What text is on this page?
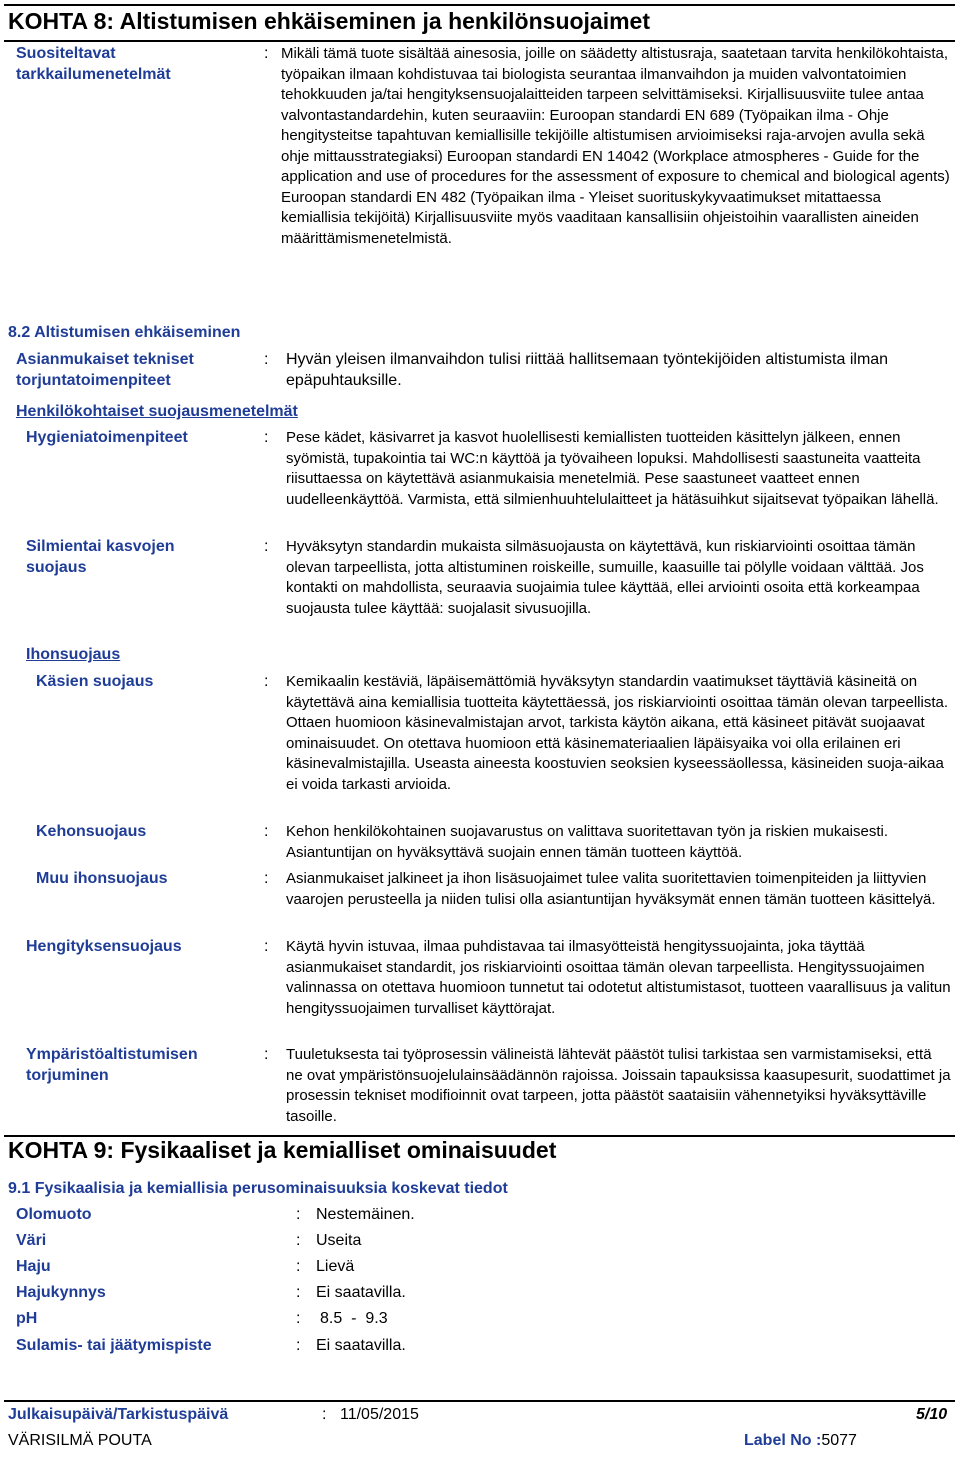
KOHTA 8: Altistumisen ehkäiseminen ja henkilönsuojaimet
Suositeltavat tarkkailumenetelmät
: Mikäli tämä tuote sisältää ainesosia, joille on säädetty altistusraja, saatetaan tarvita henkilökohtaista, työpaikan ilmaan kohdistuvaa tai biologista seurantaa ilmanvaihdon ja muiden valvontatoimien tehokkuuden ja/tai hengityksensuojalaitteiden tarpeen selvittämiseksi. Kirjallisuusviite tulee antaa valvontastandardehin, kuten seuraaviin: Euroopan standardi EN 689 (Työpaikan ilma - Ohje hengitysteitse tapahtuvan kemiallisille tekijöille altistumisen arvioimiseksi raja-arvojen avulla sekä ohje mittausstrategiaksi) Euroopan standardi EN 14042 (Workplace atmospheres - Guide for the application and use of procedures for the assessment of exposure to chemical and biological agents) Euroopan standardi EN 482 (Työpaikan ilma - Yleiset suorituskykyvaatimukset mitattaessa kemiallisia tekijöitä) Kirjallisuusviite myös vaaditaan kansallisiin ohjeistoihin vaarallisten aineiden määrittämismenetelmistä.
8.2 Altistumisen ehkäiseminen
Asianmukaiset tekniset torjuntatoimenpiteet
: Hyvän yleisen ilmanvaihdon tulisi riittää hallitsemaan työntekijöiden altistumista ilman epäpuhtauksille.
Henkilökohtaiset suojausmenetelmät
Hygieniatoimenpiteet	: Pese kädet, käsivarret ja kasvot huolellisesti kemiallisten tuotteiden käsittelyn jälkeen, ennen syömistä, tupakointia tai WC:n käyttöä ja työvaiheen lopuksi. Mahdollisesti saastuneita vaatteita riisuttaessa on käytettävä asianmukaisia menetelmiä. Pese saastuneet vaatteet ennen uudelleenkäyttöä. Varmista, että silmienhuuhtelulaitteet ja hätäsuihkut sijaitsevat työpaikan lähellä.
Silmientai kasvojen suojaus
: Hyväksytyn standardin mukaista silmäsuojausta on käytettävä, kun riskiarviointi osoittaa tämän olevan tarpeellista, jotta altistuminen roiskeille, sumuille, kaasuille tai pölylle voidaan välttää. Jos kontakti on mahdollista, seuraavia suojaimia tulee käyttää, ellei arviointi osoita että korkeampaa suojausta tulee käyttää: suojalasit sivusuojilla.
Ihonsuojaus
Käsien suojaus	: Kemikaalin kestäviä, läpäisemättömiä hyväksytyn standardin vaatimukset täyttäviä käsineitä on käytettävä aina kemiallisia tuotteita käytettäessä, jos riskiarviointi osoittaa tämän olevan tarpeellista. Ottaen huomioon käsinevalmistajan arvot, tarkista käytön aikana, että käsineet pitävät suojaavat ominaisuudet. On otettava huomioon että käsinemateriaalien läpäisyaika voi olla erilainen eri käsinevalmistajilla. Useasta aineesta koostuvien seoksien kyseessäollessa, käsineiden suoja-aikaa ei voida tarkasti arvioida.
Kehonsuojaus	: Kehon henkilökohtainen suojavarustus on valittava suoritettavan työn ja riskien mukaisesti. Asiantuntijan on hyväksyttävä suojain ennen tämän tuotteen käyttöä.
Muu ihonsuojaus	: Asianmukaiset jalkineet ja ihon lisäsuojaimet tulee valita suoritettavien toimenpiteiden ja liittyvien vaarojen perusteella ja niiden tulisi olla asiantuntijan hyväksymät ennen tämän tuotteen käsittelyä.
Hengityksensuojaus	: Käytä hyvin istuvaa, ilmaa puhdistavaa tai ilmasyötteistä hengityssuojainta, joka täyttää asianmukaiset standardit, jos riskiarviointi osoittaa tämän olevan tarpeellista. Hengityssuojaimen valinnassa on otettava huomioon tunnetut tai odotetut altistumistasot, tuotteen vaarallisuus ja valitun hengityssuojaimen turvalliset käyttörajat.
Ympäristöaltistumisen torjuminen
: Tuuletuksesta tai työprosessin välineistä lähtevät päästöt tulisi tarkistaa sen varmistamiseksi, että ne ovat ympäristönsuojelulainsäädännön rajoissa. Joissain tapauksissa kaasupesurit, suodattimet ja prosessin tekniset modifioinnit ovat tarpeen, jotta päästöt saataisiin vähennetyiksi hyväksyttäville tasoille.
KOHTA 9: Fysikaaliset ja kemialliset ominaisuudet
9.1 Fysikaalisia ja kemiallisia perusominaisuuksia koskevat tiedot
Olomuoto	: Nestemäinen.
Väri	: Useita
Haju	: Lievä
Hajukynnys	: Ei saatavilla.
pH	: 8.5  -  9.3
Sulamis- tai jäätymispiste	: Ei saatavilla.
Julkaisupäivä/Tarkistuspäivä	: 11/05/2015	5/10
VÄRISILMÄ POUTA	Label No :5077
